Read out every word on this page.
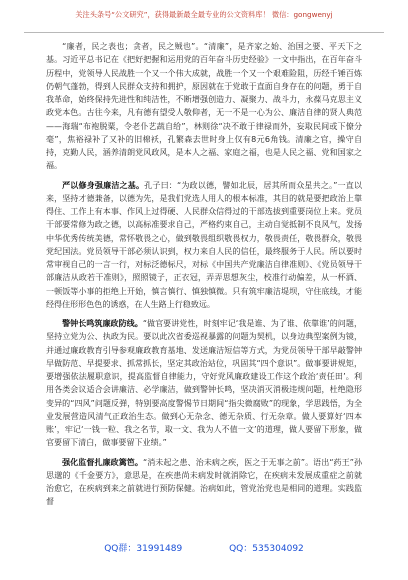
关注头条号“公文研究”，获得最新最全最专业的公文资料库！ 微信：gongwenyj

“廉者，民之表也；贪者，民之贼也”。“清廉”，是齐家之始、治国之要、平天下之基。习近平总书记在《把好把握和运用党的百年奋斗历史经验》一文中指出，在百年奋斗历程中，党领导人民战胜一个又一个伟大成就，战胜一个又一个艰难险阻，历经千锤百炼仍朝气蓬勃，得到人民群众支持和拥护，原因就在于党敢于直面自身存在的问题，勇于自我革命，始终保持先进性和纯洁性，不断增强创造力、凝聚力、战斗力，永葆马克思主义政党本色。古往今来，凡有德有望受人敬仰者，无一不是一心为公、廉洁自律的贤人典范——海瑞“布袍脱粟，令老仆艺蔬自给”，林则徐“决不敢于律禄而外，妄取民间或下僚分毫”，焦裕禄补了又补的旧棉袄，孔繁森去世时身上仅有8元6角钱。清廉之官，操守自持，克勤人民，涵养清朗党风政风，是本人之福、家庭之福，也是人民之福、党和国家之福。

严以修身强廉洁之基。孔子曰：“为政以德，譬如北辰，居其所而众星共之。”一直以来，坚持才德兼备，以德为先，是我们党选人用人的根本标准，其目的就是要把政治上靠得住、工作上有本事、作风上过得硬、人民群众信得过的干部选拔到重要岗位上来。党员干部要常修为政之德，以高标准要求自己，严格约束自己，主动自觉抵制不良风气，发扬中华优秀传统美德，常怀敬畏之心，做到敬畏组织敬畏权力，敬畏责任，敬畏群众，敬畏党纪国法。党员领导干部必须认识到，权力来自人民的信任，最终服务于人民。所以要时常审视自己的一言一行，对标泛德标尺，对标《中国共产党廉洁自律准则》、《党员领导干部廉洁从政若干准则》，照照镜子，正衣冠，弄弄思想灰尘，校准行动偏差，从一杯酒、一顿饭等小事的拒绝上开始，慎言慎行、慎独慎微。只有筑牢廉洁堤坝，守住底线，才能经得住形形色色的诱惑，在人生路上行稳致远。

警钟长鸣筑廉政防线。“做官要讲党性，时刻牢记‘我是谁、为了谁、依靠谁’的问题，坚持立党为公、执政为民。要以此次省委巡视暴露的问题为契机，以身边典型案例为镜，并通过廉政教育引导参观廉政教育基地、发送廉洁短信等方式，为党员领导干部早敲警钟早做防范、早提要求、抓常抓长，坚定其政治站位，巩固其“四个意识”。做事要讲规矩，要增强依法履职意识，提高监督自律能力，守好党风廉政建设工作这个政治‘责任田’。利用各类会议适合会讲廉洁、必学廉洁，做到警钟长鸣，坚决消灭消极违规问题，杜绝隐形变异的“四风”问题反弹，特别要高度警惕节日期间“指尖微腐败”的现象，学思践悟，为全业发展营造风清气正政治生态。做到心无杂念、德无杂质、行无杂章。做人要算好‘四本账’，牢记‘一钱一粒、我之名节，取一文、我为人不值一文’的道理，做人要留下形象，做官要留下清白，做事要留下业绩。”

强化监督扎廉政篱笆。“消未起之患、治未病之疾，医之于无事之前”。语出“药王”孙思邈的《千金要方》，意思是，在疾患尚未病发时就消除它，在疾病未发展成重症之前就治愈它，在疾病到来之前就进行预防保健。治病如此，管党治党也是相同的道理。实践监督

QQ群：31991489	QQ：535304092
